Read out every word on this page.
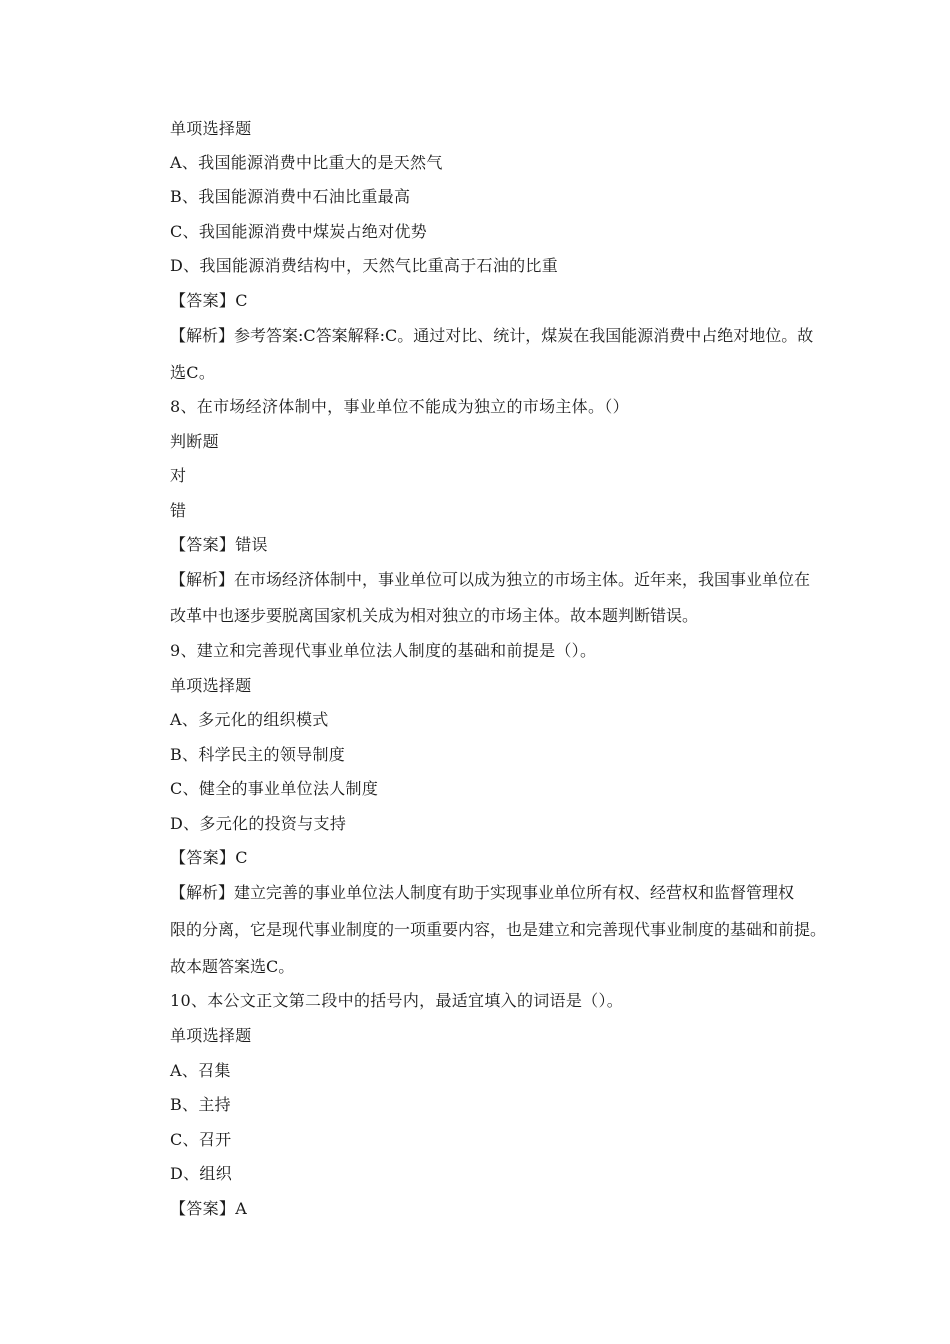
单项选择题
A、我国能源消费中比重大的是天然气
B、我国能源消费中石油比重最高
C、我国能源消费中煤炭占绝对优势
D、我国能源消费结构中，天然气比重高于石油的比重
【答案】C
【解析】参考答案:C答案解释:C。通过对比、统计，煤炭在我国能源消费中占绝对地位。故
选C。
8、在市场经济体制中，事业单位不能成为独立的市场主体。（）
判断题
对
错
【答案】错误
【解析】在市场经济体制中，事业单位可以成为独立的市场主体。近年来，我国事业单位在
改革中也逐步要脱离国家机关成为相对独立的市场主体。故本题判断错误。
9、建立和完善现代事业单位法人制度的基础和前提是（）。
单项选择题
A、多元化的组织模式
B、科学民主的领导制度
C、健全的事业单位法人制度
D、多元化的投资与支持
【答案】C
【解析】建立完善的事业单位法人制度有助于实现事业单位所有权、经营权和监督管理权
限的分离，它是现代事业制度的一项重要内容，也是建立和完善现代事业制度的基础和前提。
故本题答案选C。
10、本公文正文第二段中的括号内，最适宜填入的词语是（）。
单项选择题
A、召集
B、主持
C、召开
D、组织
【答案】A
